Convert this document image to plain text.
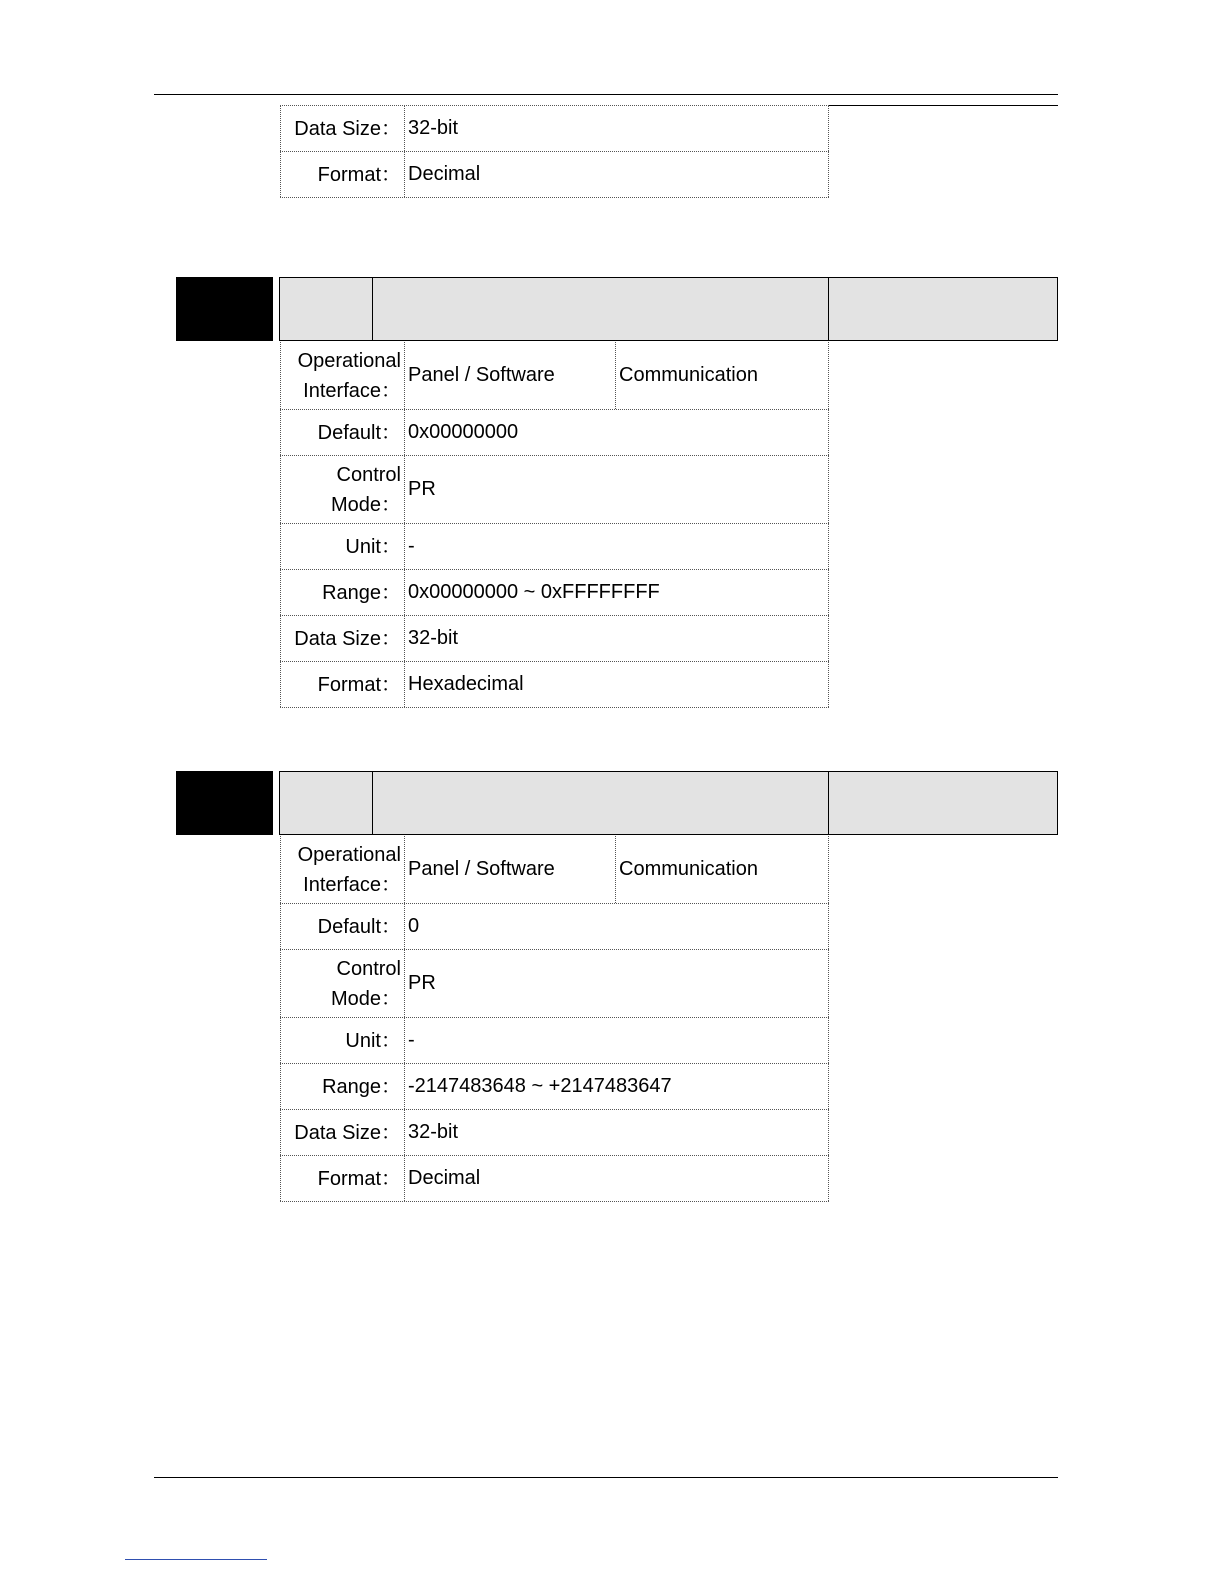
Data Size： 32-bit
Format： Decimal
Operational
Interface：
Panel / Software	Communication
Default： 0x00000000
Control
Mode：
PR
Unit： -
Range： 0x00000000 ~ 0xFFFFFFFF
Data Size： 32-bit
Format： Hexadecimal
Operational
Interface：
Panel / Software	Communication
Default： 0
Control
Mode：
PR
Unit： -
Range： -2147483648 ~ +2147483647
Data Size： 32-bit
Format： Decimal
